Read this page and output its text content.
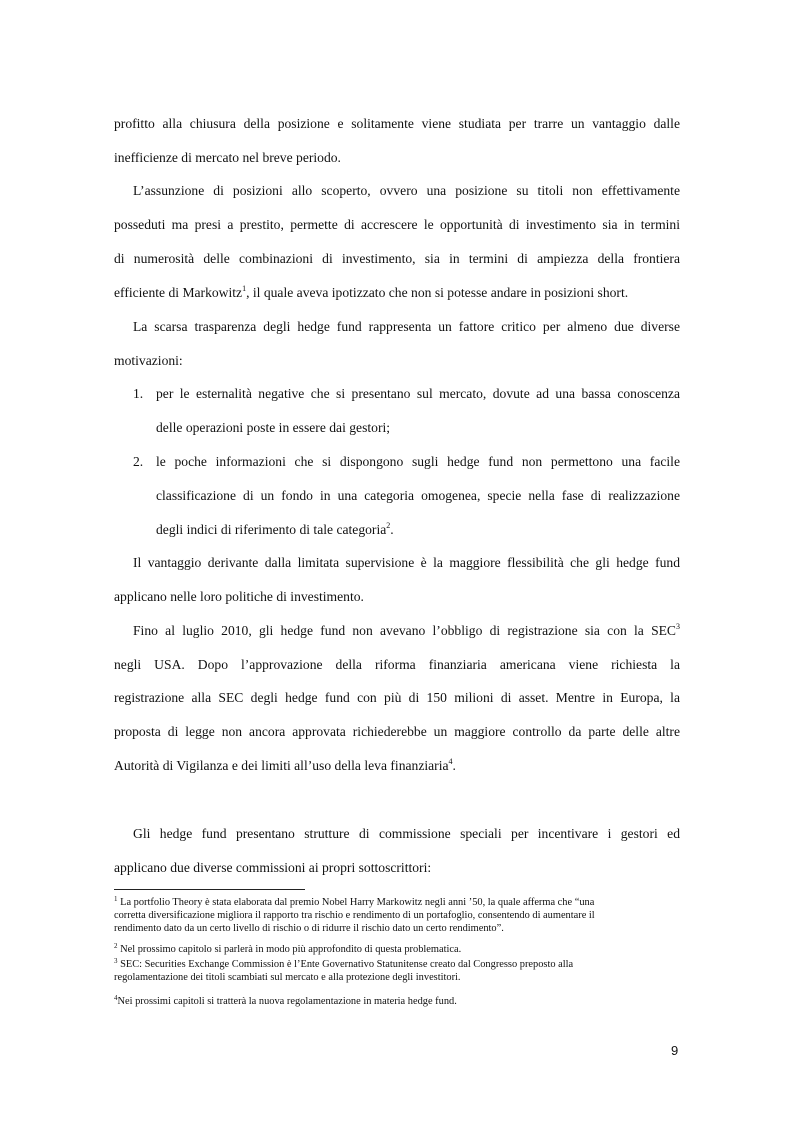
profitto alla chiusura della posizione e solitamente viene studiata per trarre un vantaggio dalle
inefficienze di mercato nel breve periodo.
L’assunzione di posizioni allo scoperto, ovvero una posizione su titoli non effettivamente
posseduti ma presi a prestito, permette di accrescere le opportunità di investimento sia in termini
di numerosità delle combinazioni di investimento, sia in termini di ampiezza della frontiera
efficiente di Markowitz$^1$, il quale aveva ipotizzato che non si potesse andare in posizioni short.
La scarsa trasparenza degli hedge fund rappresenta un fattore critico per almeno due diverse
motivazioni:
1. per le esternalità negative che si presentano sul mercato, dovute ad una bassa conoscenza
delle operazioni poste in essere dai gestori;
2. le poche informazioni che si dispongono sugli hedge fund non permettono una facile
classificazione di un fondo in una categoria omogenea, specie nella fase di realizzazione
degli indici di riferimento di tale categoria$^2$.
Il vantaggio derivante dalla limitata supervisione è la maggiore flessibilità che gli hedge fund
applicano nelle loro politiche di investimento.
Fino al luglio 2010, gli hedge fund non avevano l’obbligo di registrazione sia con la SEC$^3$
negli USA. Dopo l’approvazione della riforma finanziaria americana viene richiesta la
registrazione alla SEC degli hedge fund con più di 150 milioni di asset. Mentre in Europa, la
proposta di legge non ancora approvata richiederebbe un maggiore controllo da parte delle altre
Autorità di Vigilanza e dei limiti all’uso della leva finanziaria$^4$.
Gli hedge fund presentano strutture di commissione speciali per incentivare i gestori ed
applicano due diverse commissioni ai propri sottoscrittori:
$^1$ La portfolio Theory è stata elaborata dal premio Nobel Harry Markowitz negli anni ’50, la quale afferma che “una
corretta diversificazione migliora il rapporto tra rischio e rendimento di un portafoglio, consentendo di aumentare il
rendimento dato da un certo livello di rischio o di ridurre il rischio dato un certo rendimento”.
$^2$ Nel prossimo capitolo si parlerà in modo più approfondito di questa problematica.
$^3$ SEC: Securities Exchange Commission è l’Ente Governativo Statunitense creato dal Congresso preposto alla
regolamentazione dei titoli scambiati sul mercato e alla protezione degli investitori.
$^4$Nei prossimi capitoli si tratterà la nuova regolamentazione in materia hedge fund.
9
